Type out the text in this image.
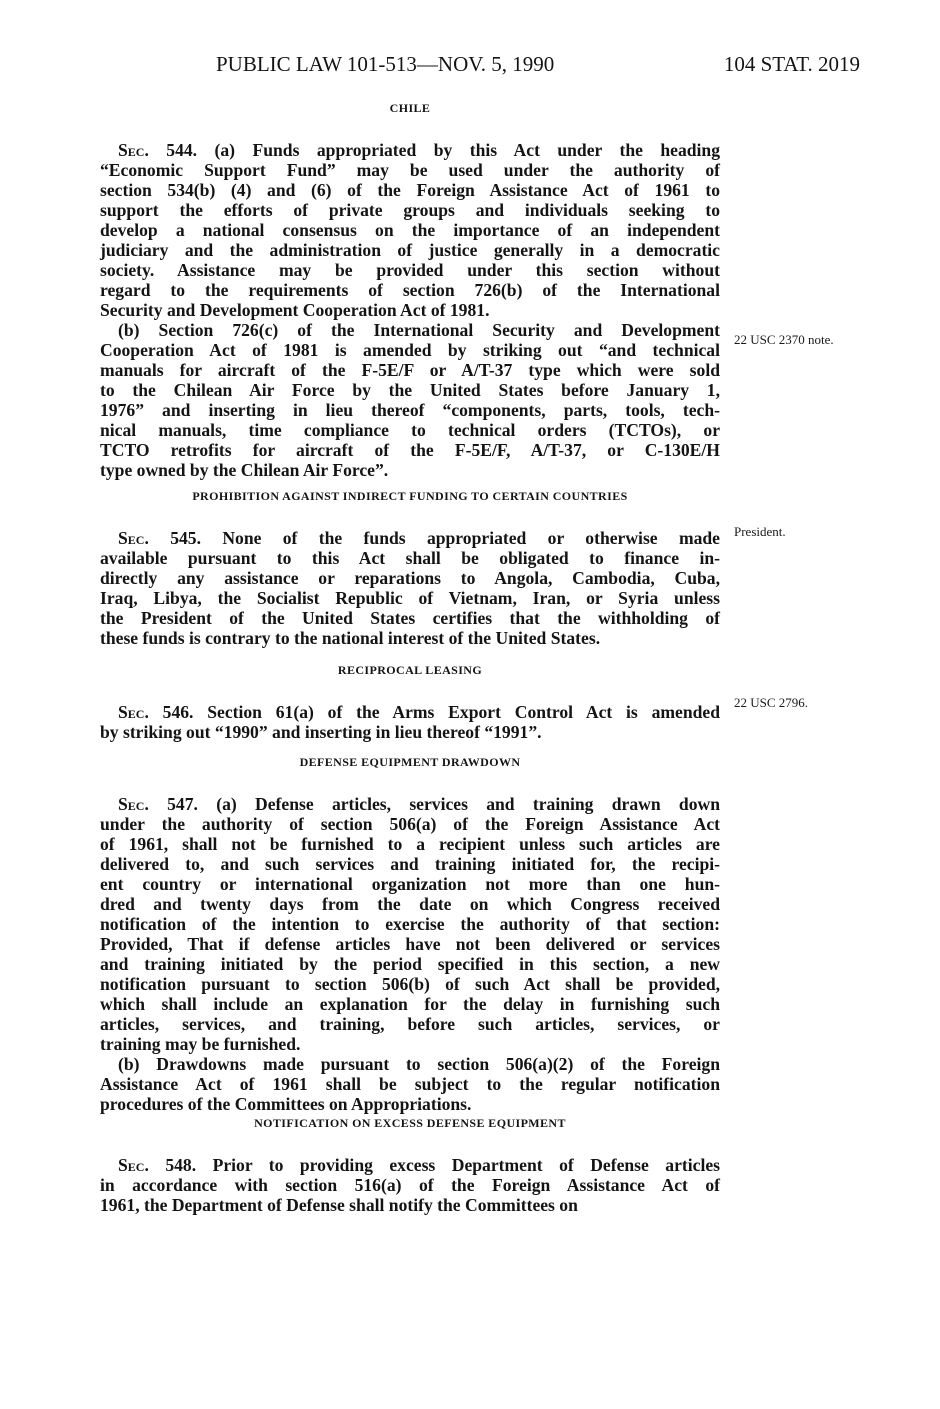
PUBLIC LAW 101-513—NOV. 5, 1990	104 STAT. 2019
CHILE
Sec. 544. (a) Funds appropriated by this Act under the heading
“Economic Support Fund” may be used under the authority of
section 534(b) (4) and (6) of the Foreign Assistance Act of 1961 to
support the efforts of private groups and individuals seeking to
develop a national consensus on the importance of an independent
judiciary and the administration of justice generally in a democratic
society. Assistance may be provided under this section without
regard to the requirements of section 726(b) of the International
Security and Development Cooperation Act of 1981.
(b) Section 726(c) of the International Security and Development
Cooperation Act of 1981 is amended by striking out “and technical
manuals for aircraft of the F-5E/F or A/T-37 type which were sold
to the Chilean Air Force by the United States before January 1,
1976” and inserting in lieu thereof “components, parts, tools, tech-
nical manuals, time compliance to technical orders (TCTOs), or
TCTO retrofits for aircraft of the F-5E/F, A/T-37, or C-130E/H
type owned by the Chilean Air Force”.
PROHIBITION AGAINST INDIRECT FUNDING TO CERTAIN COUNTRIES
Sec. 545. None of the funds appropriated or otherwise made
available pursuant to this Act shall be obligated to finance in-
directly any assistance or reparations to Angola, Cambodia, Cuba,
Iraq, Libya, the Socialist Republic of Vietnam, Iran, or Syria unless
the President of the United States certifies that the withholding of
these funds is contrary to the national interest of the United States.
RECIPROCAL LEASING
Sec. 546. Section 61(a) of the Arms Export Control Act is amended
by striking out “1990” and inserting in lieu thereof “1991”.
DEFENSE EQUIPMENT DRAWDOWN
Sec. 547. (a) Defense articles, services and training drawn down
under the authority of section 506(a) of the Foreign Assistance Act
of 1961, shall not be furnished to a recipient unless such articles are
delivered to, and such services and training initiated for, the recipi-
ent country or international organization not more than one hun-
dred and twenty days from the date on which Congress received
notification of the intention to exercise the authority of that section:
Provided, That if defense articles have not been delivered or services
and training initiated by the period specified in this section, a new
notification pursuant to section 506(b) of such Act shall be provided,
which shall include an explanation for the delay in furnishing such
articles, services, and training, before such articles, services, or
training may be furnished.
(b) Drawdowns made pursuant to section 506(a)(2) of the Foreign
Assistance Act of 1961 shall be subject to the regular notification
procedures of the Committees on Appropriations.
NOTIFICATION ON EXCESS DEFENSE EQUIPMENT
Sec. 548. Prior to providing excess Department of Defense articles
in accordance with section 516(a) of the Foreign Assistance Act of
1961, the Department of Defense shall notify the Committees on
22 USC 2370 note.
President.
22 USC 2796.
